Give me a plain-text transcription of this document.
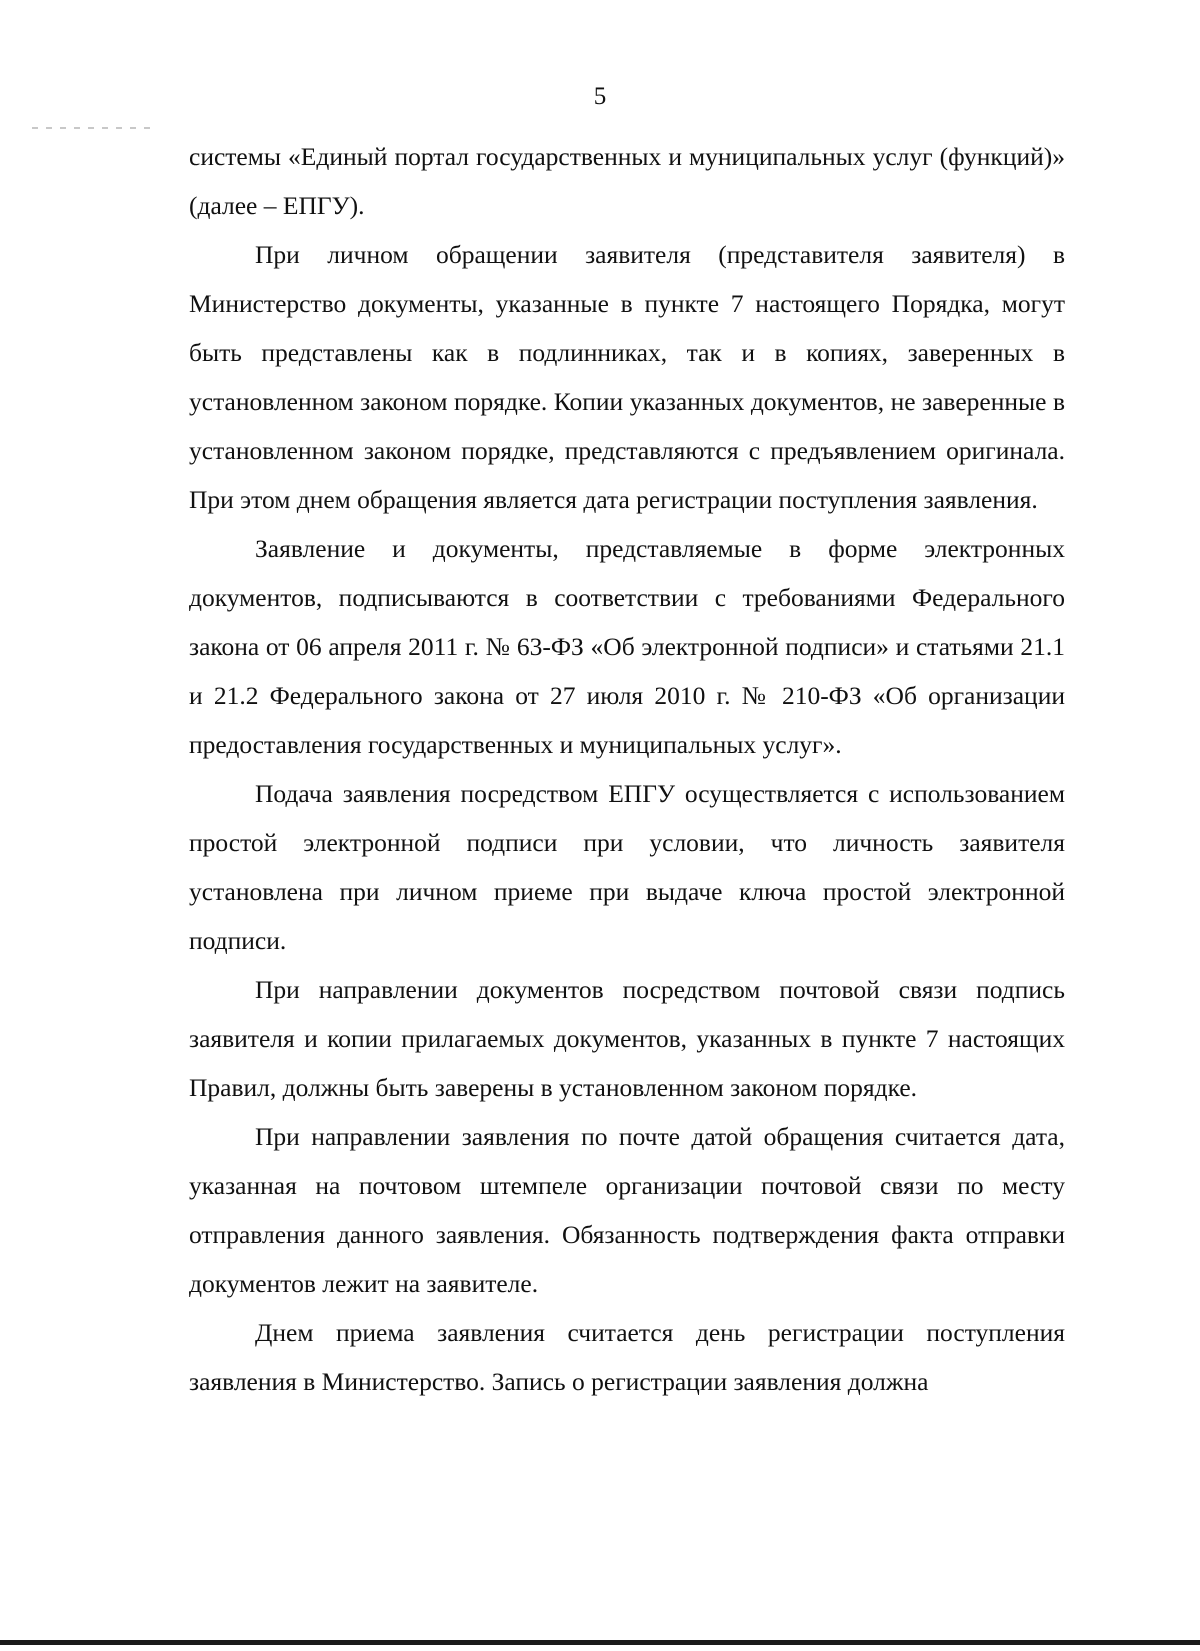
5

системы «Единый портал государственных и муниципальных услуг (функций)» (далее – ЕПГУ).

При личном обращении заявителя (представителя заявителя) в Министерство документы, указанные в пункте 7 настоящего Порядка, могут быть представлены как в подлинниках, так и в копиях, заверенных в установленном законом порядке. Копии указанных документов, не заверенные в установленном законом порядке, представляются с предъявлением оригинала. При этом днем обращения является дата регистрации поступления заявления.

Заявление и документы, представляемые в форме электронных документов, подписываются в соответствии с требованиями Федерального закона от 06 апреля 2011 г. № 63-ФЗ «Об электронной подписи» и статьями 21.1 и 21.2 Федерального закона от 27 июля 2010 г. № 210-ФЗ «Об организации предоставления государственных и муниципальных услуг».

Подача заявления посредством ЕПГУ осуществляется с использованием простой электронной подписи при условии, что личность заявителя установлена при личном приеме при выдаче ключа простой электронной подписи.

При направлении документов посредством почтовой связи подпись заявителя и копии прилагаемых документов, указанных в пункте 7 настоящих Правил, должны быть заверены в установленном законом порядке.

При направлении заявления по почте датой обращения считается дата, указанная на почтовом штемпеле организации почтовой связи по месту отправления данного заявления. Обязанность подтверждения факта отправки документов лежит на заявителе.

Днем приема заявления считается день регистрации поступления заявления в Министерство. Запись о регистрации заявления должна
